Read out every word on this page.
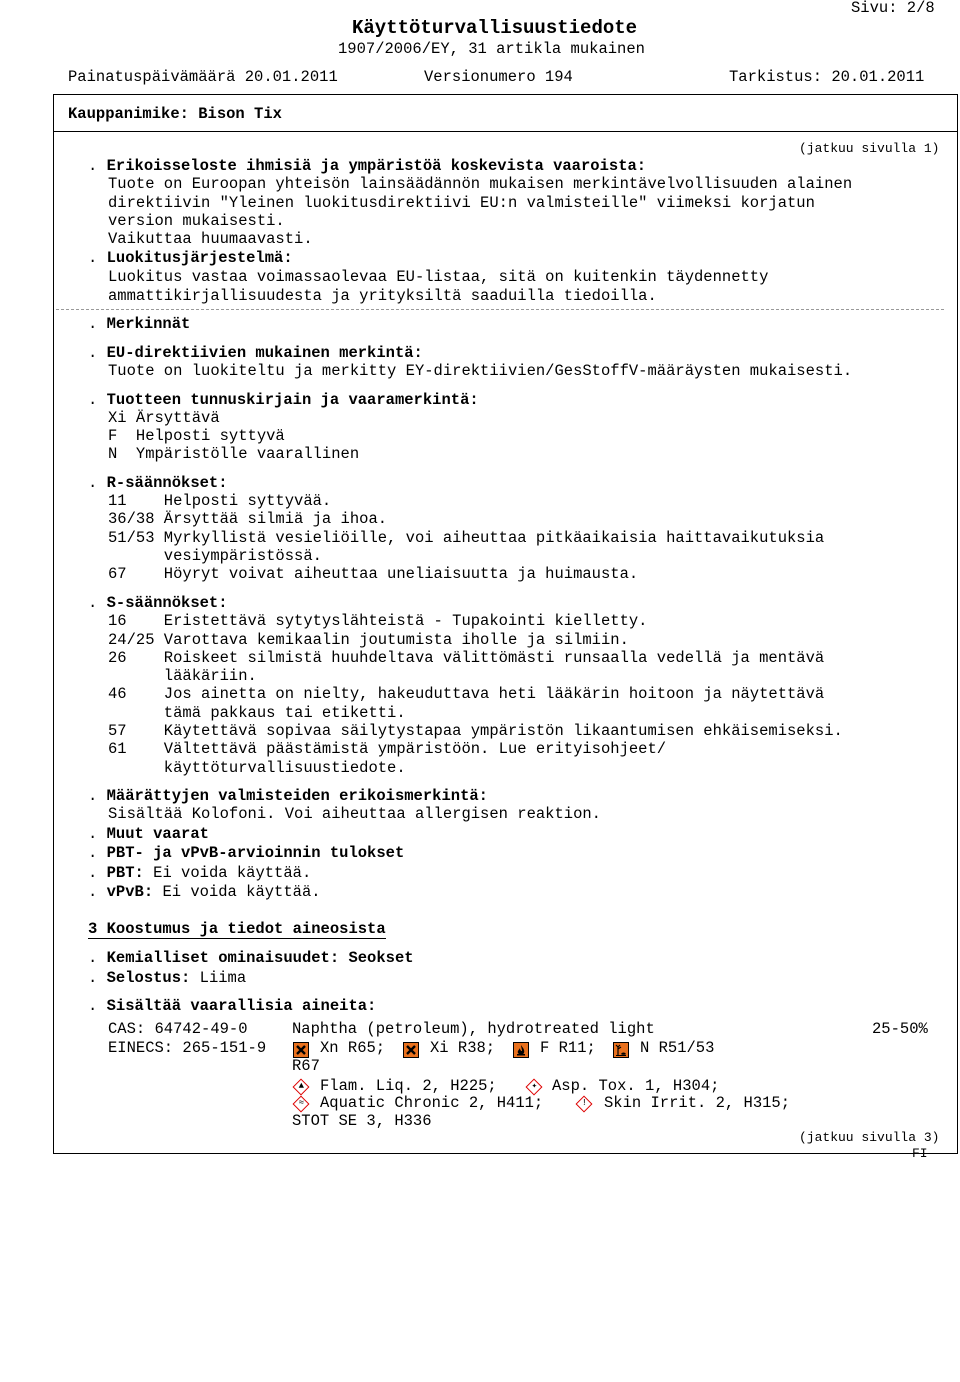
Sivu: 2/8
Käyttöturvallisuustiedote
1907/2006/EY, 31 artikla mukainen
Painatuspäivämäärä 20.01.2011	Versionumero 194	Tarkistus: 20.01.2011
Kauppanimike: Bison Tix
(jatkuu sivulla 1)
. Erikoisseloste ihmisiä ja ympäristöä koskevista vaaroista:
Tuote on Euroopan yhteisön lainsäädännön mukaisen merkintävelvollisuuden alainen
direktiivin "Yleinen luokitusdirektiivi EU:n valmisteille" viimeksi korjatun
version mukaisesti.
Vaikuttaa huumaavasti.
. Luokitusjärjestelmä:
Luokitus vastaa voimassaolevaa EU-listaa, sitä on kuitenkin täydennetty
ammattikirjallisuudesta ja yrityksiltä saaduilla tiedoilla.
. Merkinnät
. EU-direktiivien mukainen merkintä:
Tuote on luokiteltu ja merkitty EY-direktiivien/GesStoffV-määräysten mukaisesti.
. Tuotteen tunnuskirjain ja vaaramerkintä:
Xi Ärsyttävä
F  Helposti syttyvä
N  Ympäristölle vaarallinen
. R-säännökset:
11    Helposti syttyvää.
36/38 Ärsyttää silmiä ja ihoa.
51/53 Myrkyllistä vesieliöille, voi aiheuttaa pitkäaikaisia haittavaikutuksia
vesiympäristössä.
67    Höyryt voivat aiheuttaa uneliaisuutta ja huimausta.
. S-säännökset:
16    Eristettävä sytytyslähteistä - Tupakointi kielletty.
24/25 Varottava kemikaalin joutumista iholle ja silmiin.
26    Roiskeet silmistä huuhdeltava välittömästi runsaalla vedellä ja mentävä
lääkäriin.
46    Jos ainetta on nielty, hakeuduttava heti lääkärin hoitoon ja näytettävä
tämä pakkaus tai etiketti.
57    Käytettävä sopivaa säilytystapaa ympäristön likaantumisen ehkäisemiseksi.
61    Vältettävä päästämistä ympäristöön. Lue erityisohjeet/
käyttöturvallisuustiedote.
. Määrättyjen valmisteiden erikoismerkintä:
Sisältää Kolofoni. Voi aiheuttaa allergisen reaktion.
. Muut vaarat
. PBT- ja vPvB-arvioinnin tulokset
. PBT: Ei voida käyttää.
. vPvB: Ei voida käyttää.
3 Koostumus ja tiedot aineosista
. Kemialliset ominaisuudet: Seokset
. Selostus: Liima
. Sisältää vaarallisia aineita:
CAS: 64742-49-0	Naphtha (petroleum), hydrotreated light	25-50%
EINECS: 265-151-9	Xn R65;	Xi R38;	F R11;	N R51/53
R67
▲ Flam. Liq. 2, H225;	✦ Asp. Tox. 1, H304;
≈ Aquatic Chronic 2, H411;	! Skin Irrit. 2, H315;
STOT SE 3, H336
(jatkuu sivulla 3)
FI
